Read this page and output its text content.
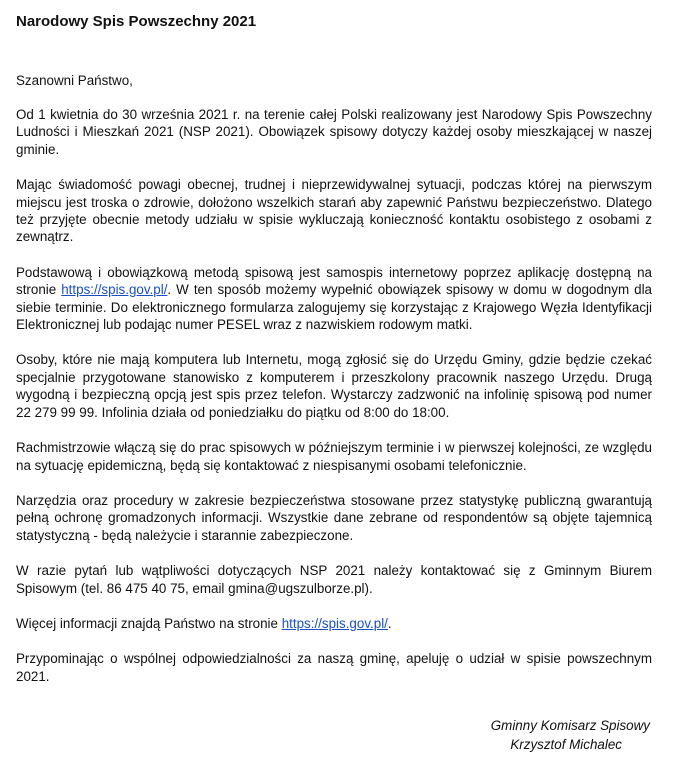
Narodowy Spis Powszechny 2021

Szanowni Państwo,

Od 1 kwietnia do 30 września 2021 r. na terenie całej Polski realizowany jest Narodowy Spis Powszechny Ludności i Mieszkań 2021 (NSP 2021). Obowiązek spisowy dotyczy każdej osoby mieszkającej w naszej gminie.

Mając świadomość powagi obecnej, trudnej i nieprzewidywalnej sytuacji, podczas której na pierwszym miejscu jest troska o zdrowie, dołożono wszelkich starań aby zapewnić Państwu bezpieczeństwo. Dlatego też przyjęte obecnie metody udziału w spisie wykluczają konieczność kontaktu osobistego z osobami z zewnątrz.

Podstawową i obowiązkową metodą spisową jest samospis internetowy poprzez aplikację dostępną na stronie https://spis.gov.pl/. W ten sposób możemy wypełnić obowiązek spisowy w domu w dogodnym dla siebie terminie. Do elektronicznego formularza zalogujemy się korzystając z Krajowego Węzła Identyfikacji Elektronicznej lub podając numer PESEL wraz z nazwiskiem rodowym matki.

Osoby, które nie mają komputera lub Internetu, mogą zgłosić się do Urzędu Gminy, gdzie będzie czekać specjalnie przygotowane stanowisko z komputerem i przeszkolony pracownik naszego Urzędu. Drugą wygodną i bezpieczną opcją jest spis przez telefon. Wystarczy zadzwonić na infolinię spisową pod numer 22 279 99 99. Infolinia działa od poniedziałku do piątku od 8:00 do 18:00.

Rachmistrzowie włączą się do prac spisowych w późniejszym terminie i w pierwszej kolejności, ze względu na sytuację epidemiczną, będą się kontaktować z niespisanymi osobami telefonicznie.

Narzędzia oraz procedury w zakresie bezpieczeństwa stosowane przez statystykę publiczną gwarantują pełną ochronę gromadzonych informacji. Wszystkie dane zebrane od respondentów są objęte tajemnicą statystyczną - będą należycie i starannie zabezpieczone.

W razie pytań lub wątpliwości dotyczących NSP 2021 należy kontaktować się z Gminnym Biurem Spisowym (tel. 86 475 40 75, email gmina@ugszulborze.pl).

Więcej informacji znajdą Państwo na stronie https://spis.gov.pl/.

Przypominając o wspólnej odpowiedzialności za naszą gminę, apeluję o udział w spisie powszechnym 2021.

Gminny Komisarz Spisowy
Krzysztof Michalec
